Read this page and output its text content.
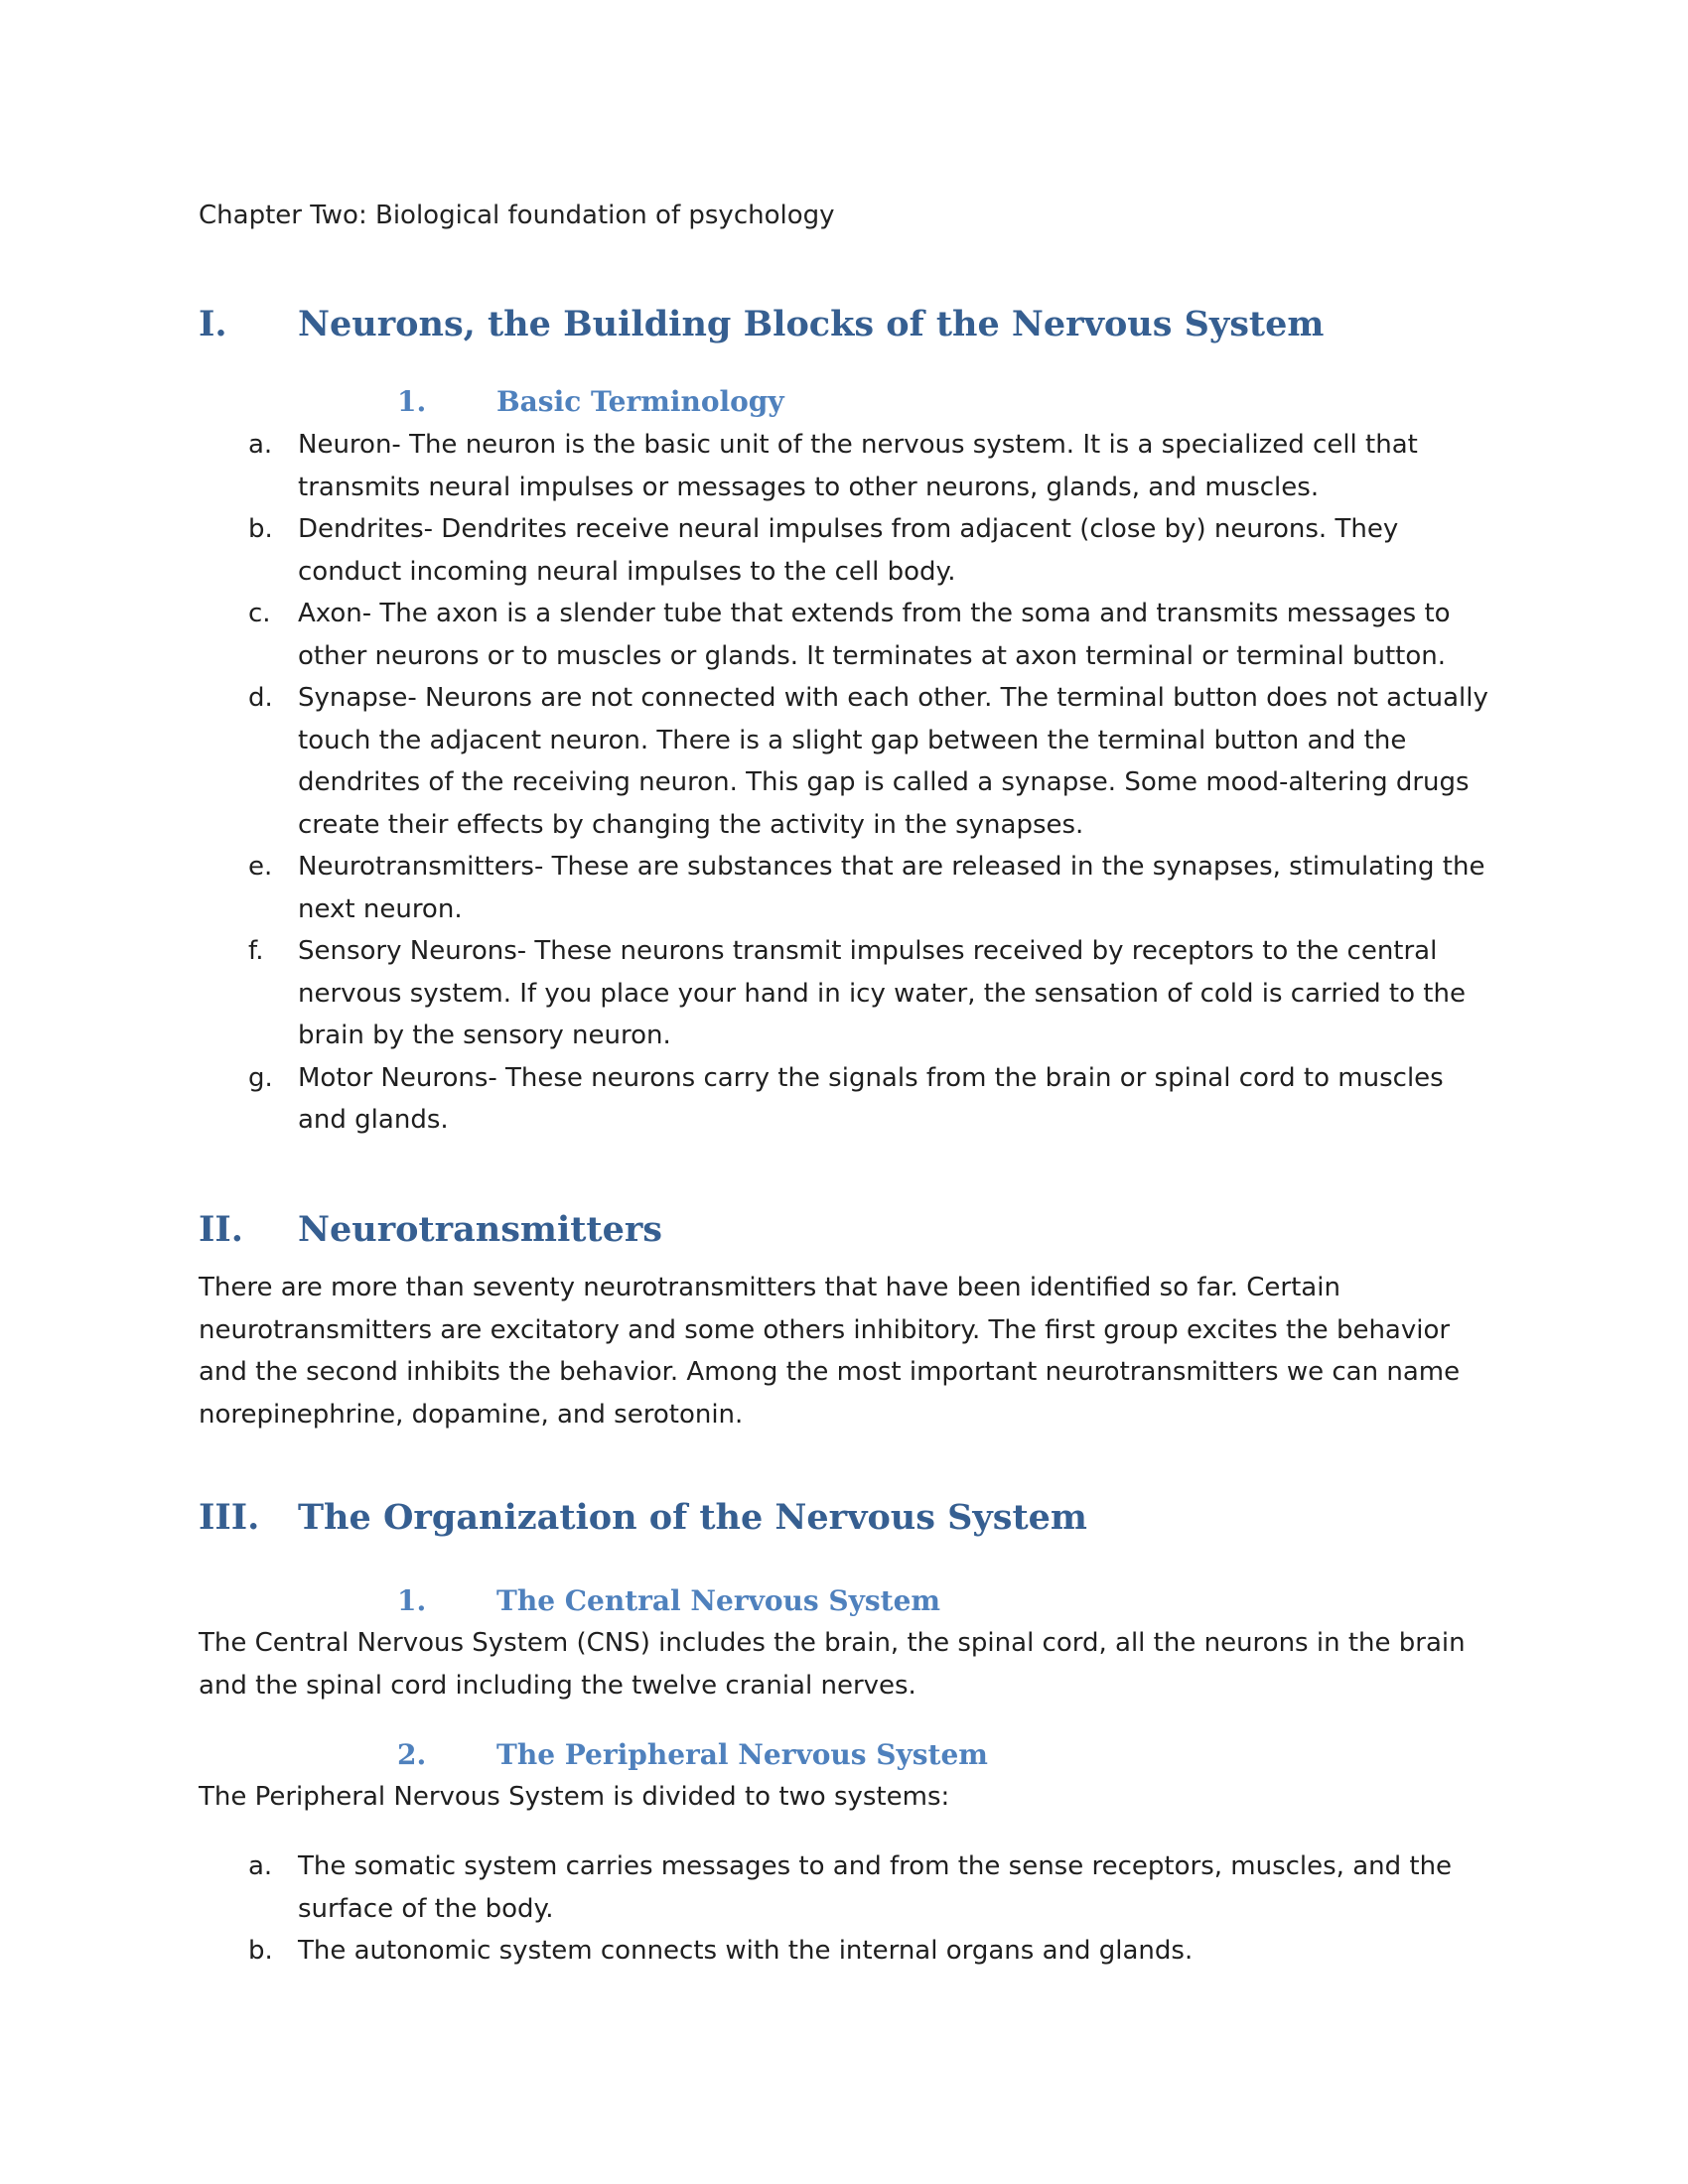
Chapter Two: Biological foundation of psychology

I. Neurons, the Building Blocks of the Nervous System
1.	Basic Terminology
a. Neuron- The neuron is the basic unit of the nervous system. It is a specialized cell that transmits neural impulses or messages to other neurons, glands, and muscles.
b. Dendrites- Dendrites receive neural impulses from adjacent (close by) neurons. They conduct incoming neural impulses to the cell body.
c. Axon- The axon is a slender tube that extends from the soma and transmits messages to other neurons or to muscles or glands. It terminates at axon terminal or terminal button.
d. Synapse- Neurons are not connected with each other. The terminal button does not actually touch the adjacent neuron. There is a slight gap between the terminal button and the dendrites of the receiving neuron. This gap is called a synapse. Some mood-altering drugs create their effects by changing the activity in the synapses.
e. Neurotransmitters- These are substances that are released in the synapses, stimulating the next neuron.
f. Sensory Neurons- These neurons transmit impulses received by receptors to the central nervous system. If you place your hand in icy water, the sensation of cold is carried to the brain by the sensory neuron.
g. Motor Neurons- These neurons carry the signals from the brain or spinal cord to muscles and glands.
II. Neurotransmitters

There are more than seventy neurotransmitters that have been identified so far. Certain neurotransmitters are excitatory and some others inhibitory. The first group excites the behavior and the second inhibits the behavior. Among the most important neurotransmitters we can name norepinephrine, dopamine, and serotonin.

III. The Organization of the Nervous System
1.	The Central Nervous System

The Central Nervous System (CNS) includes the brain, the spinal cord, all the neurons in the brain and the spinal cord including the twelve cranial nerves.

2.	The Peripheral Nervous System

The Peripheral Nervous System is divided to two systems:

a. The somatic system carries messages to and from the sense receptors, muscles, and the surface of the body.
b. The autonomic system connects with the internal organs and glands.
